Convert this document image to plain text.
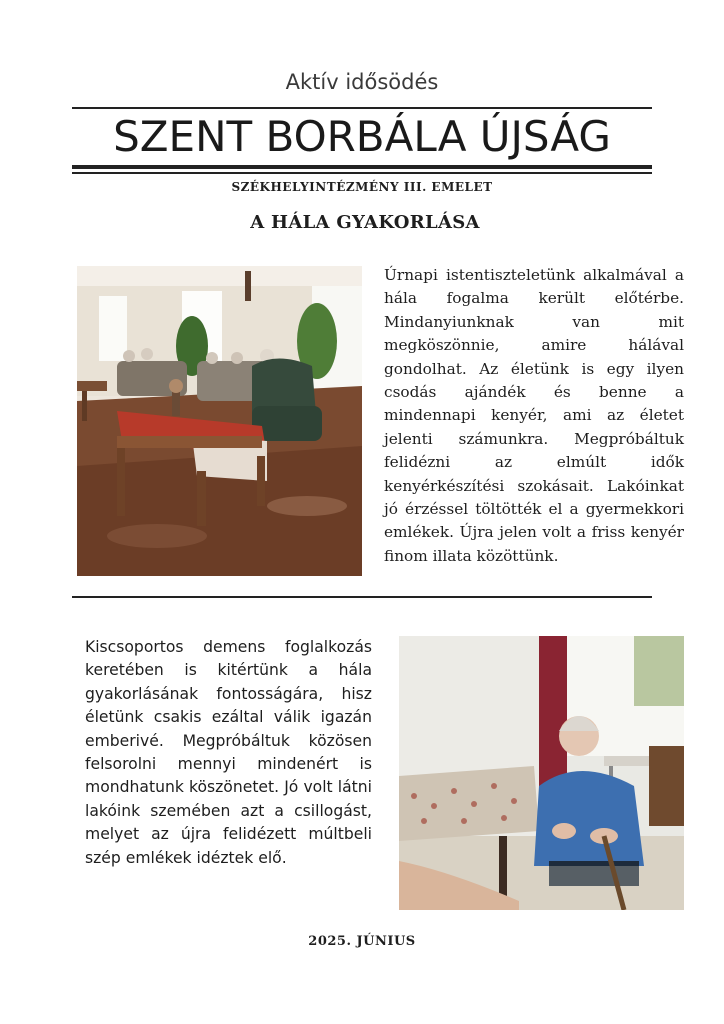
Aktív idősödés
SZENT BORBÁLA ÚJSÁG
SZÉKHELYINTÉZMÉNY III. EMELET
A HÁLA GYAKORLÁSA
Úrnapi istentiszteletünk alkalmával a hála fogalma került előtérbe. Mindanyiunknak van mit megköszönnie, amire hálával gondolhat. Az életünk is egy ilyen csodás ajándék és benne a mindennapi kenyér, ami az életet jelenti számunkra. Megpróbáltuk felidézni az elmúlt idők kenyérkészítési szokásait. Lakóinkat jó érzéssel töltötték el a gyermekkori emlékek. Újra jelen volt a friss kenyér finom illata közöttünk.
Kiscsoportos demens foglalkozás keretében is kitértünk a hála gyakorlásának fontosságára, hisz életünk csakis ezáltal válik igazán emberivé. Megpróbáltuk közösen felsorolni mennyi mindenért is mondhatunk köszönetet. Jó volt látni lakóink szemében azt a csillogást, melyet az újra felidézett múltbeli szép emlékek idéztek elő.
2025. JÚNIUS
